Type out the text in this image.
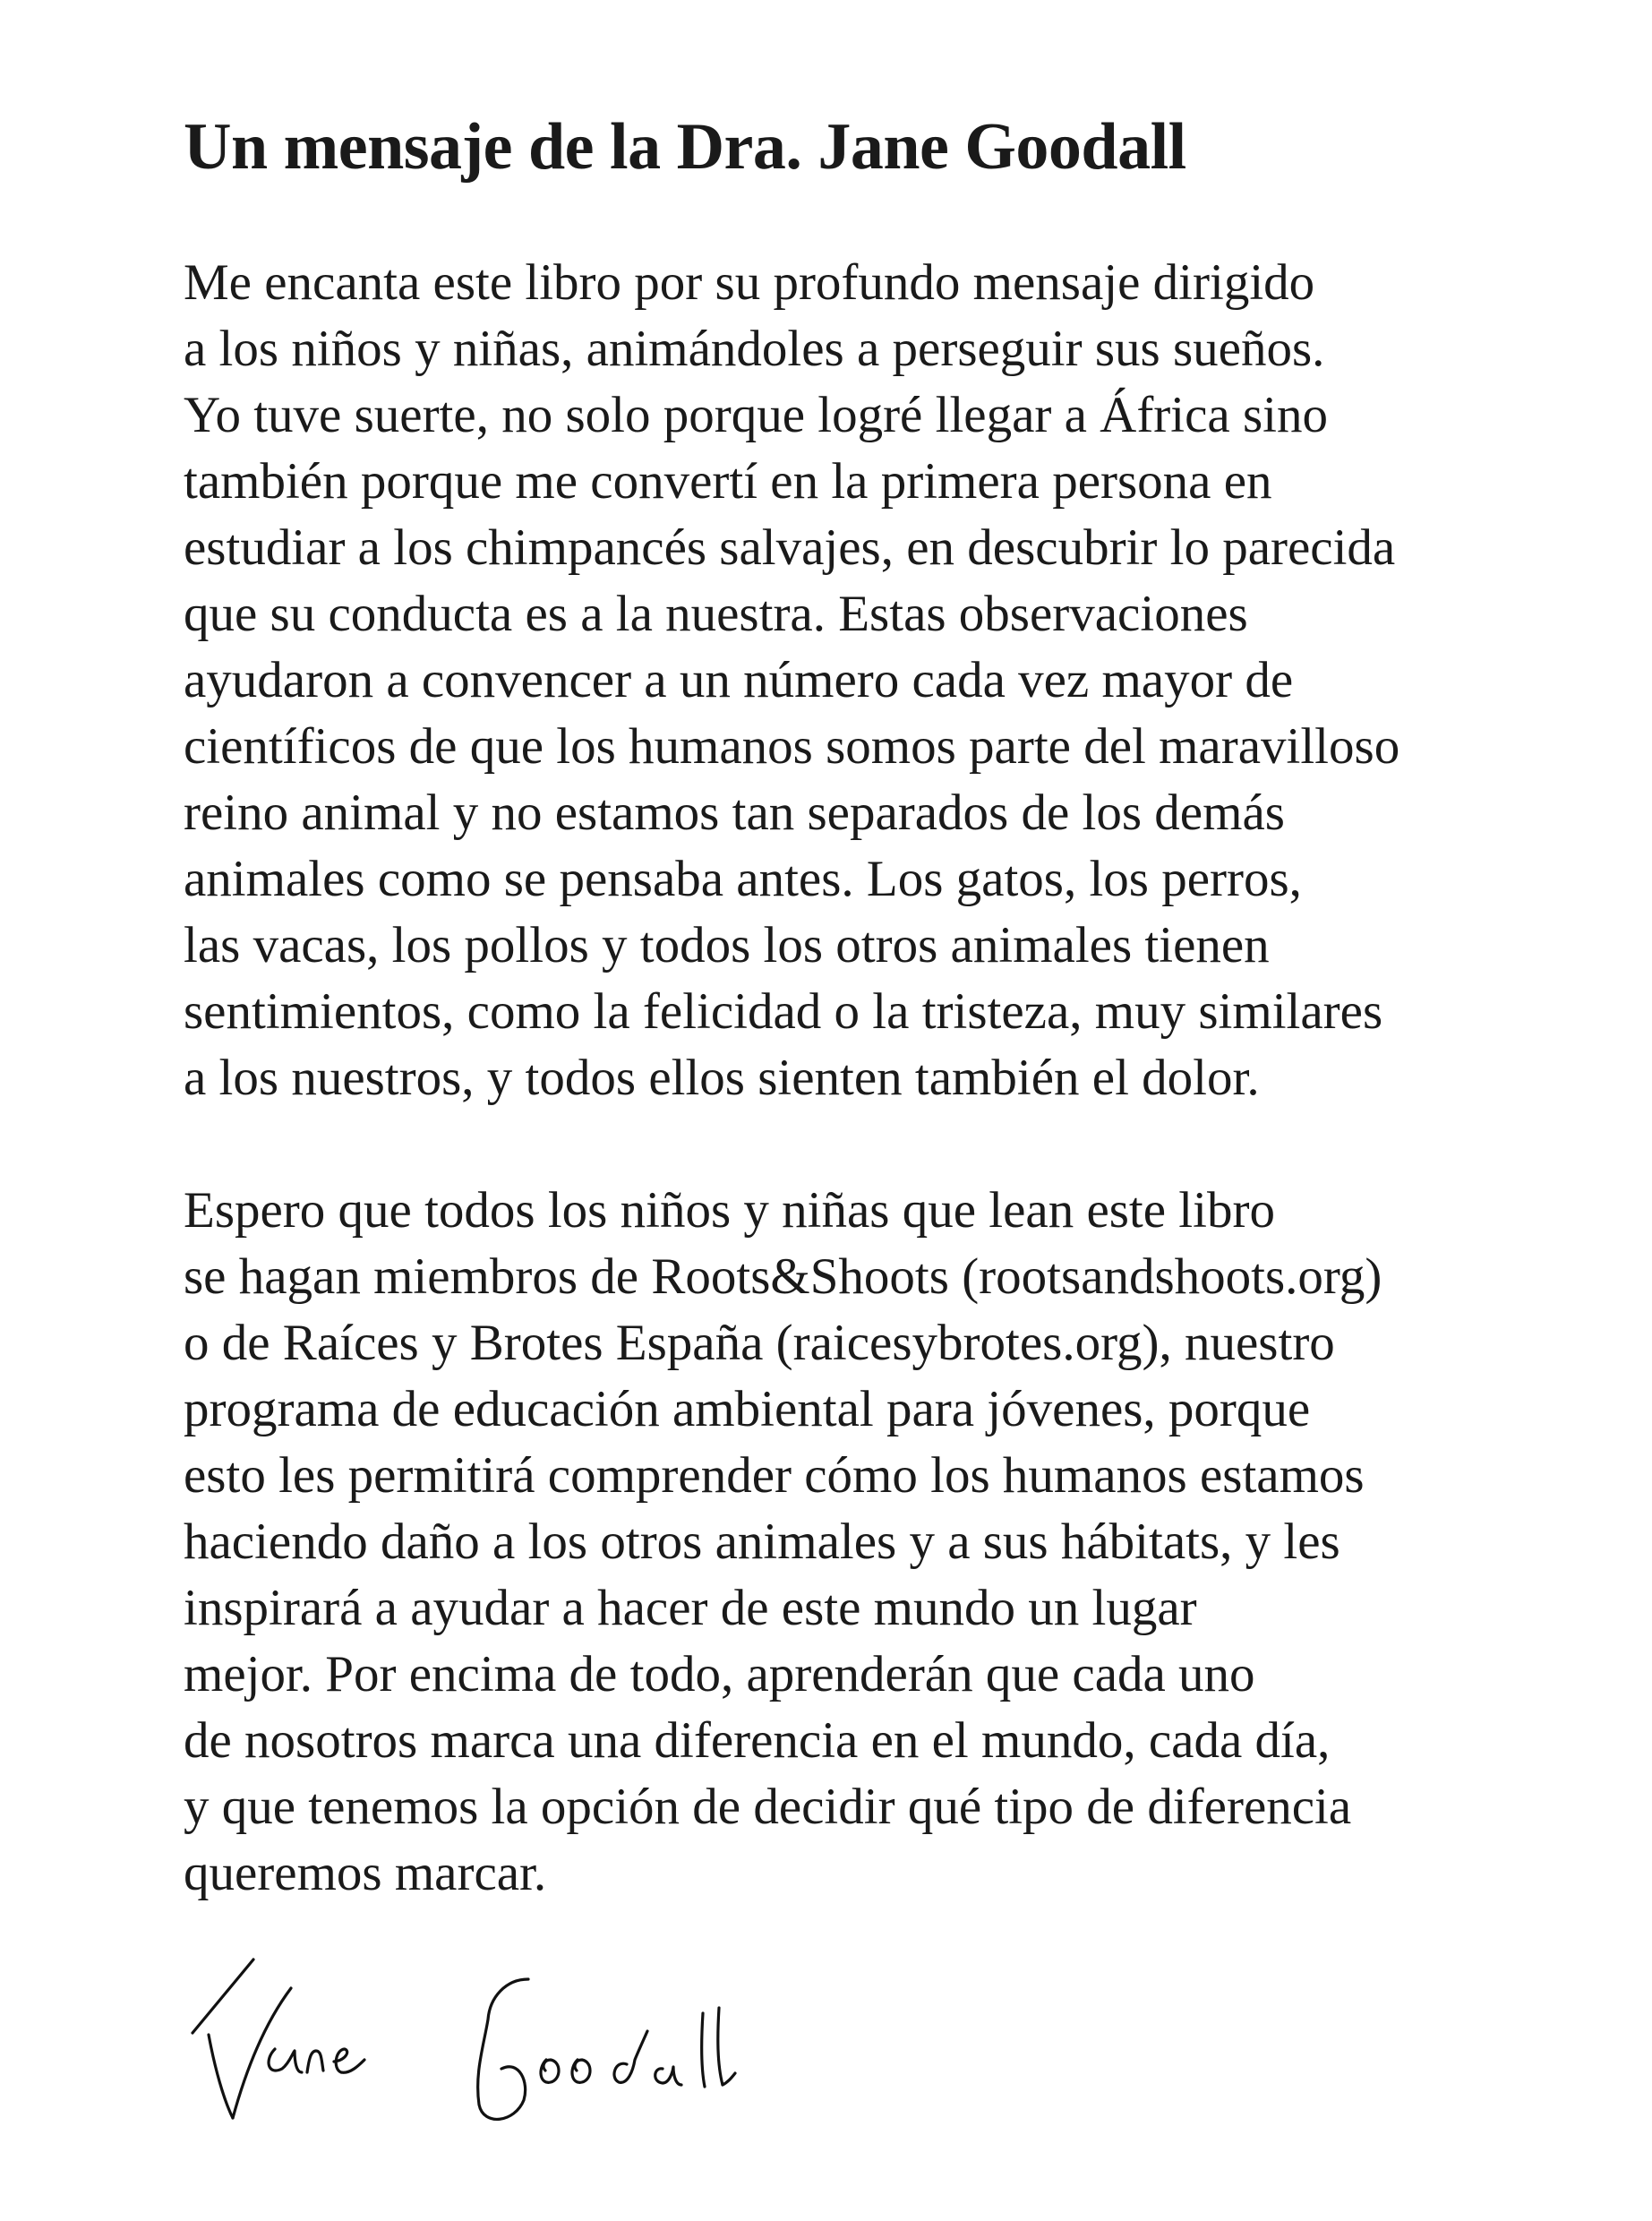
Un mensaje de la Dra. Jane Goodall

Me encanta este libro por su profundo mensaje dirigido
a los niños y niñas, animándoles a perseguir sus sueños.
Yo tuve suerte, no solo porque logré llegar a África sino
también porque me convertí en la primera persona en
estudiar a los chimpancés salvajes, en descubrir lo parecida
que su conducta es a la nuestra. Estas observaciones
ayudaron a convencer a un número cada vez mayor de
científicos de que los humanos somos parte del maravilloso
reino animal y no estamos tan separados de los demás
animales como se pensaba antes. Los gatos, los perros,
las vacas, los pollos y todos los otros animales tienen
sentimientos, como la felicidad o la tristeza, muy similares
a los nuestros, y todos ellos sienten también el dolor.

Espero que todos los niños y niñas que lean este libro
se hagan miembros de Roots&Shoots (rootsandshoots.org)
o de Raíces y Brotes España (raicesybrotes.org), nuestro
programa de educación ambiental para jóvenes, porque
esto les permitirá comprender cómo los humanos estamos
haciendo daño a los otros animales y a sus hábitats, y les
inspirará a ayudar a hacer de este mundo un lugar
mejor. Por encima de todo, aprenderán que cada uno
de nosotros marca una diferencia en el mundo, cada día,
y que tenemos la opción de decidir qué tipo de diferencia
queremos marcar.
